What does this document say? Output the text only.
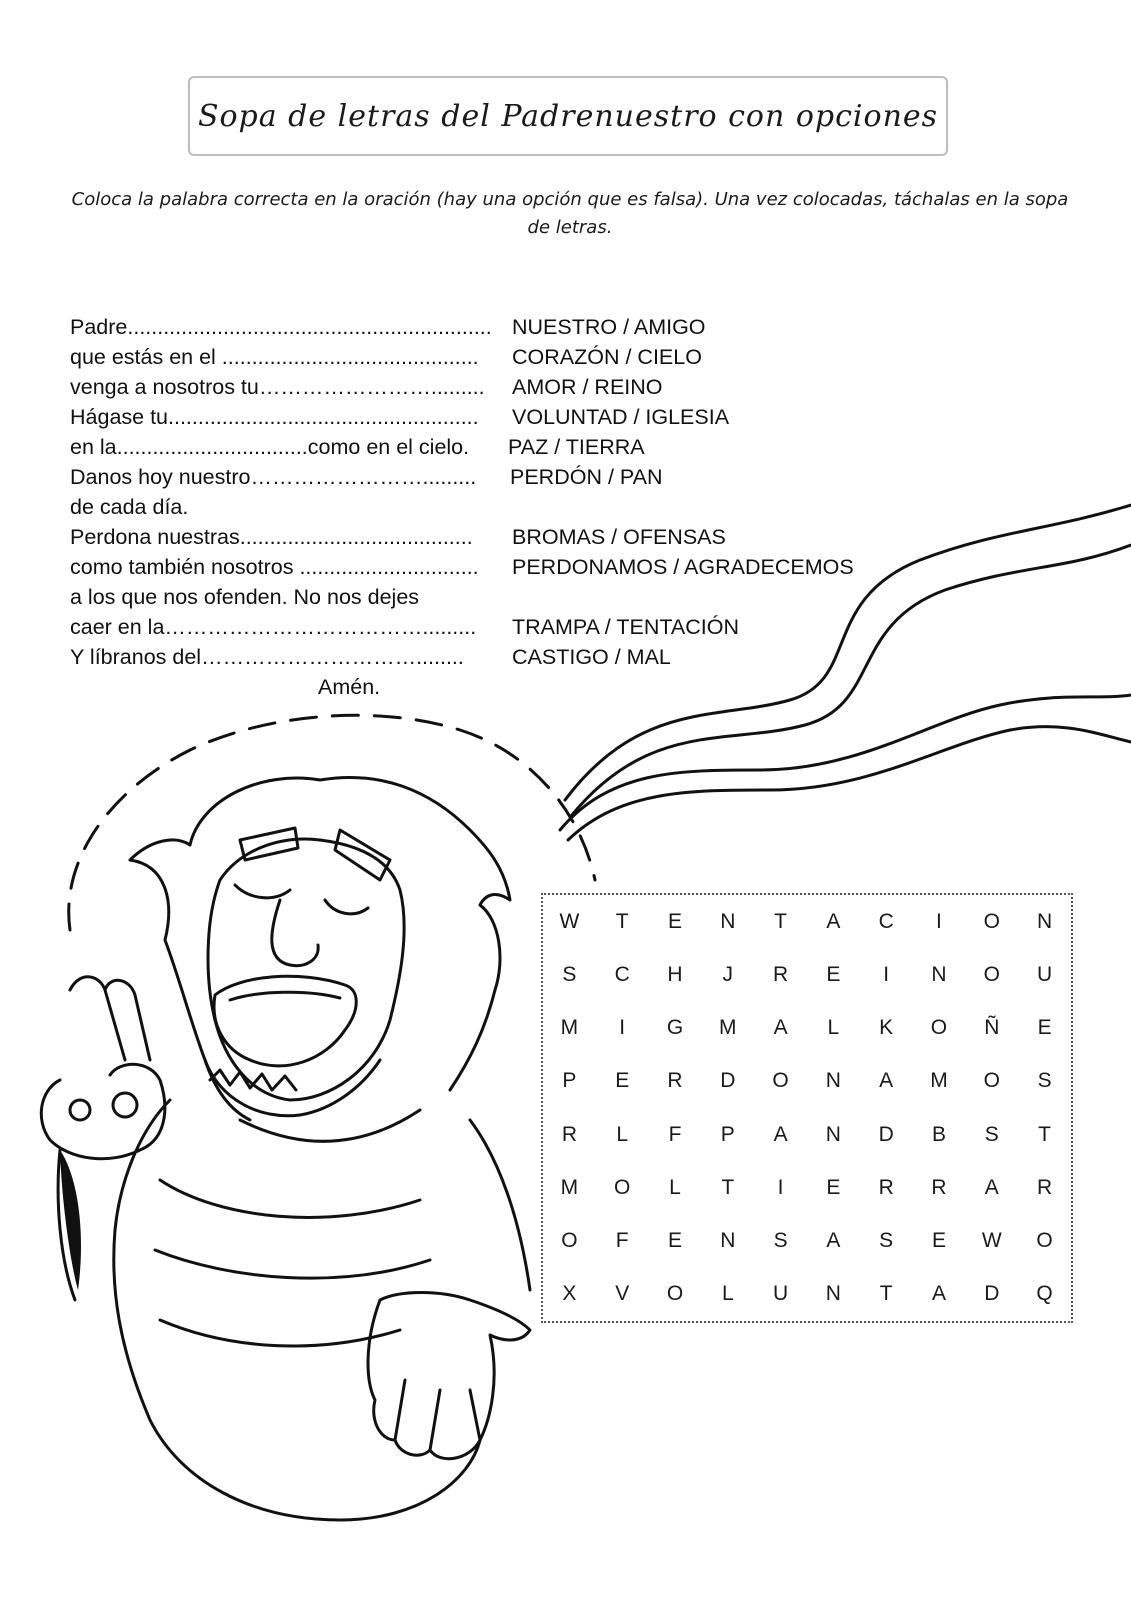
Sopa de letras del Padrenuestro con opciones
Coloca la palabra correcta en la oración (hay una opción que es falsa). Una vez colocadas, táchalas en la sopa de letras.
Padre............................................................. NUESTRO / AMIGO
que estás en el ........................................... CORAZÓN / CIELO
venga a nosotros tu……………………......... AMOR / REINO
Hágase tu.................................................... VOLUNTAD / IGLESIA
en la................................como en el cielo. PAZ / TIERRA
Danos hoy nuestro……………………......... PERDÓN / PAN
de cada día.
Perdona nuestras....................................... BROMAS / OFENSAS
como también nosotros .............................. PERDONAMOS / AGRADECEMOS
a los que nos ofenden. No nos dejes
caer en la………………………………......... TRAMPA / TENTACIÓN
Y líbranos del…………………………........ CASTIGO / MAL
Amén.
W	T	E	N	T	A	C	I	O	N
S	C	H	J	R	E	I	N	O	U
M	I	G	M	A	L	K	O	Ñ	E
P	E	R	D	O	N	A	M	O	S
R	L	F	P	A	N	D	B	S	T
M	O	L	T	I	E	R	R	A	R
O	F	E	N	S	A	S	E	W	O
X	V	O	L	U	N	T	A	D	Q
